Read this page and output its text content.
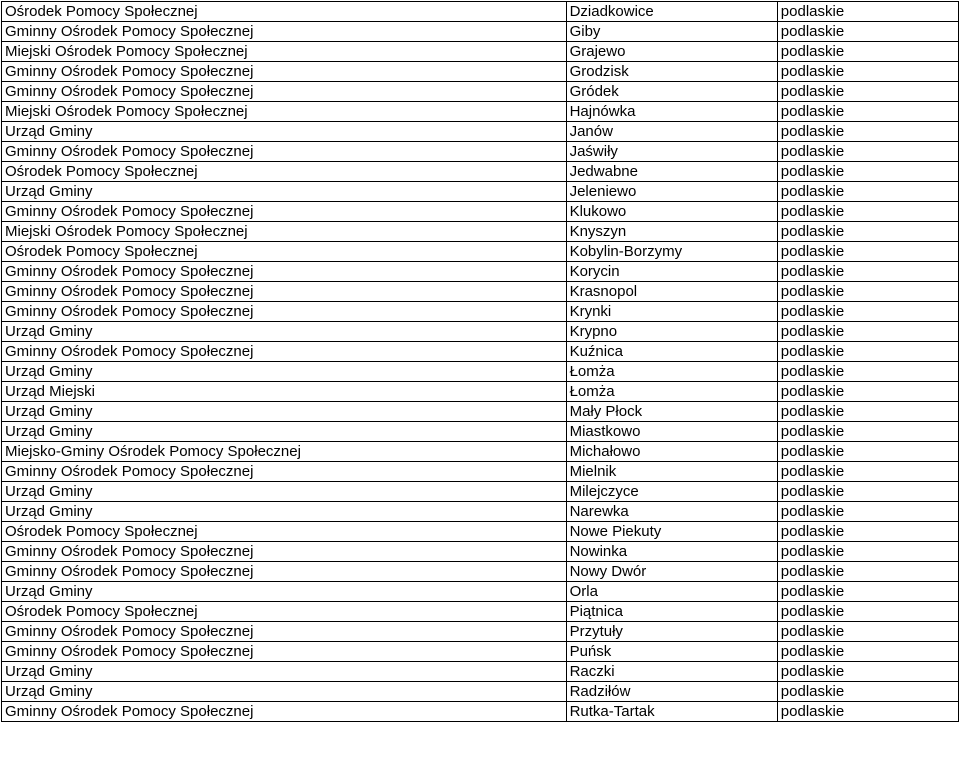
Ośrodek Pomocy Społecznej	Dziadkowice	podlaskie
Gminny Ośrodek Pomocy Społecznej	Giby	podlaskie
Miejski Ośrodek Pomocy Społecznej	Grajewo	podlaskie
Gminny Ośrodek Pomocy Społecznej	Grodzisk	podlaskie
Gminny Ośrodek Pomocy Społecznej	Gródek	podlaskie
Miejski Ośrodek Pomocy Społecznej	Hajnówka	podlaskie
Urząd Gminy	Janów	podlaskie
Gminny Ośrodek Pomocy Społecznej	Jaświły	podlaskie
Ośrodek Pomocy Społecznej	Jedwabne	podlaskie
Urząd Gminy	Jeleniewo	podlaskie
Gminny Ośrodek Pomocy Społecznej	Klukowo	podlaskie
Miejski Ośrodek Pomocy Społecznej	Knyszyn	podlaskie
Ośrodek Pomocy Społecznej	Kobylin-Borzymy	podlaskie
Gminny Ośrodek Pomocy Społecznej	Korycin	podlaskie
Gminny Ośrodek Pomocy Społecznej	Krasnopol	podlaskie
Gminny Ośrodek Pomocy Społecznej	Krynki	podlaskie
Urząd Gminy	Krypno	podlaskie
Gminny Ośrodek Pomocy Społecznej	Kuźnica	podlaskie
Urząd Gminy	Łomża	podlaskie
Urząd Miejski	Łomża	podlaskie
Urząd Gminy	Mały Płock	podlaskie
Urząd Gminy	Miastkowo	podlaskie
Miejsko-Gminy Ośrodek Pomocy Społecznej	Michałowo	podlaskie
Gminny Ośrodek Pomocy Społecznej	Mielnik	podlaskie
Urząd Gminy	Milejczyce	podlaskie
Urząd Gminy	Narewka	podlaskie
Ośrodek Pomocy Społecznej	Nowe Piekuty	podlaskie
Gminny Ośrodek Pomocy Społecznej	Nowinka	podlaskie
Gminny Ośrodek Pomocy Społecznej	Nowy Dwór	podlaskie
Urząd Gminy	Orla	podlaskie
Ośrodek Pomocy Społecznej	Piątnica	podlaskie
Gminny Ośrodek Pomocy Społecznej	Przytuły	podlaskie
Gminny Ośrodek Pomocy Społecznej	Puńsk	podlaskie
Urząd Gminy	Raczki	podlaskie
Urząd Gminy	Radziłów	podlaskie
Gminny Ośrodek Pomocy Społecznej	Rutka-Tartak	podlaskie
